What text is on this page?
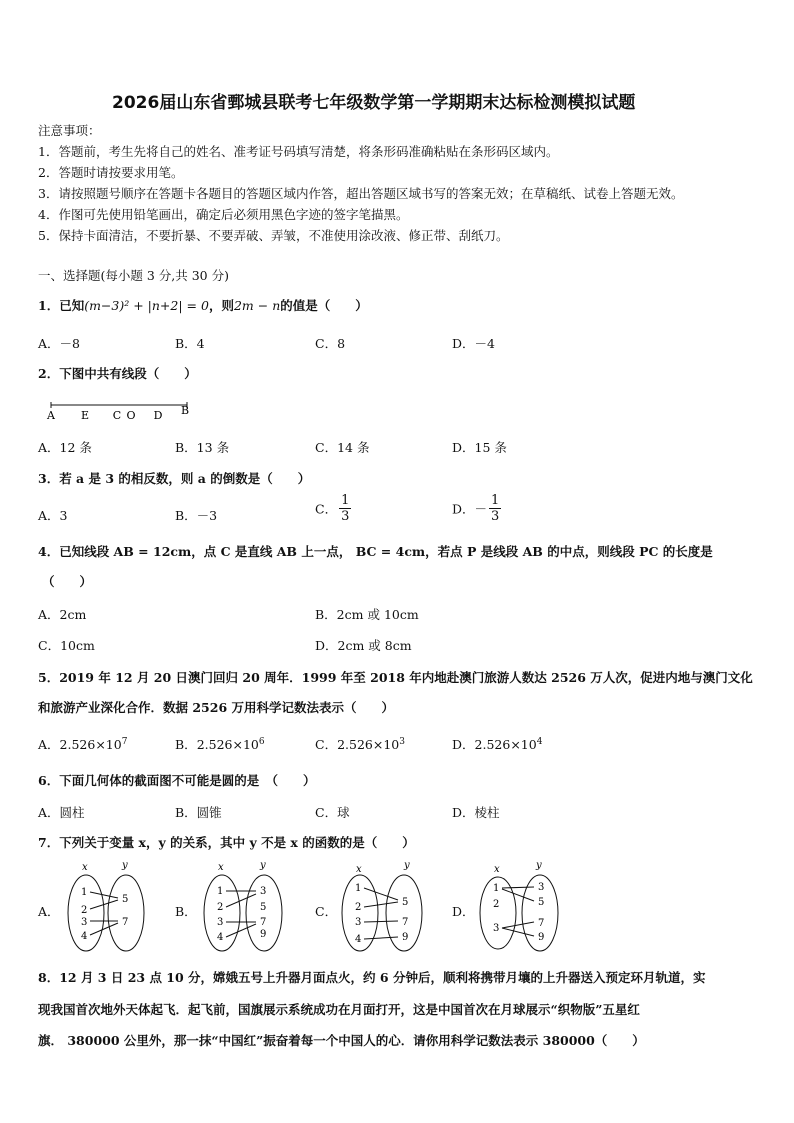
2026届山东省鄄城县联考七年级数学第一学期期末达标检测模拟试题
注意事项：
1．答题前，考生先将自己的姓名、准考证号码填写清楚，将条形码准确粘贴在条形码区域内。
2．答题时请按要求用笔。
3．请按照题号顺序在答题卡各题目的答题区域内作答，超出答题区域书写的答案无效；在草稿纸、试卷上答题无效。
4．作图可先使用铅笔画出，确定后必须用黑色字迹的签字笔描黑。
5．保持卡面清洁，不要折暴、不要弄破、弄皱，不准使用涂改液、修正带、刮纸刀。
一、选择题(每小题 3 分,共 30 分)
1．已知(m−3)² + |n+2| = 0，则2m − n的值是（　　）
A．－8	B．4	C．8	D．－4
2．下图中共有线段（　　）
A E C O D B
A．12 条	B．13 条	C．14 条	D．15 条
3．若 a 是 3 的相反数，则 a 的倒数是（　　）
A．3	B．－3	C． $\frac{1}{3}$	D．－ $\frac{1}{3}$
4．已知线段 AB = 12cm，点 C 是直线 AB 上一点， BC = 4cm，若点 P 是线段 AB 的中点，则线段 PC 的长度是
（　　）
A．2cm	B．2cm 或 10cm
C．10cm	D．2cm 或 8cm
5．2019 年 12 月 20 日澳门回归 20 周年．1999 年至 2018 年内地赴澳门旅游人数达 2526 万人次，促进内地与澳门文化
和旅游产业深化合作．数据 2526 万用科学记数法表示（　　）
A．$2.526\times 10^7$	B．$2.526\times 10^6$	C．$2.526\times 10^3$	D．$2.526\times 10^4$
6．下面几何体的截面图不可能是圆的是　（　　）
A．圆柱	B．圆锥	C．球	D．棱柱
7．下列关于变量 x，y 的关系，其中 y 不是 x 的函数的是（　　）
A．
x	y
1
2
3
4
5
7
B．
x	y
1
2
3
4
3
5
7
9
C．
x	y
1
2
3
4
5
7
9
D．
x	y
1
2
3
3
5
7
9
8．12 月 3 日 23 点 10 分，嫦娥五号上升器月面点火，约 6 分钟后，顺利将携带月壤的上升器送入预定环月轨道，实
现我国首次地外天体起飞．起飞前，国旗展示系统成功在月面打开，这是中国首次在月球展示“织物版”五星红
旗． 380000 公里外，那一抹“中国红”振奋着每一个中国人的心．请你用科学记数法表示 380000（　　）
